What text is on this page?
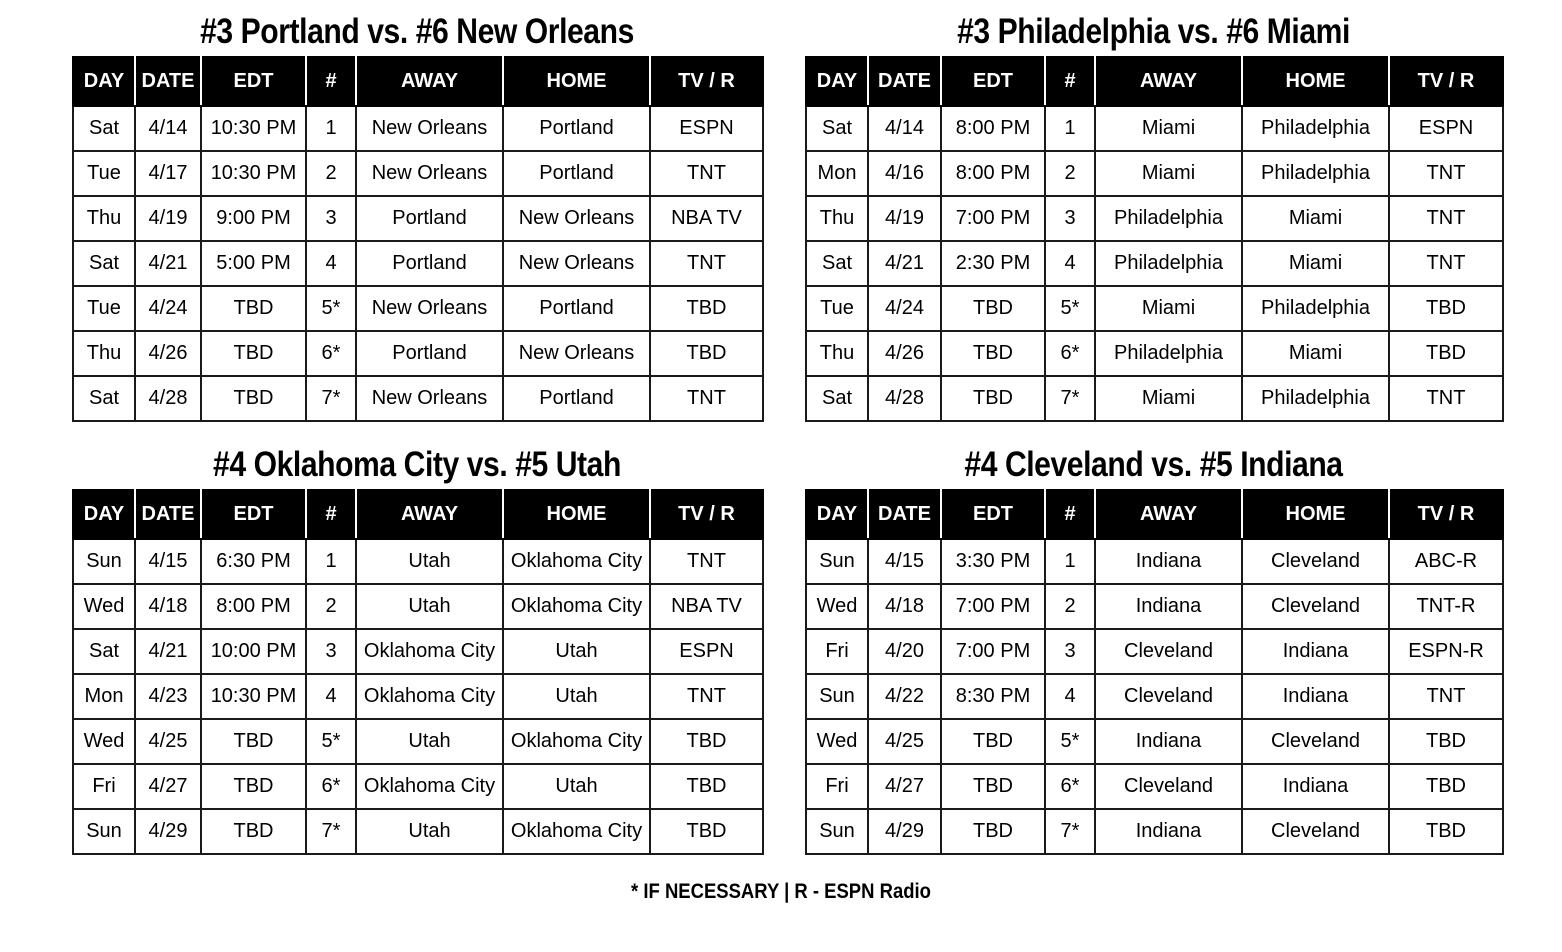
#3 Portland vs. #6 New Orleans
DAY	DATE	EDT	#	AWAY	HOME	TV / R
Sat	4/14	10:30 PM	1	New Orleans	Portland	ESPN
Tue	4/17	10:30 PM	2	New Orleans	Portland	TNT
Thu	4/19	9:00 PM	3	Portland	New Orleans	NBA TV
Sat	4/21	5:00 PM	4	Portland	New Orleans	TNT
Tue	4/24	TBD	5*	New Orleans	Portland	TBD
Thu	4/26	TBD	6*	Portland	New Orleans	TBD
Sat	4/28	TBD	7*	New Orleans	Portland	TNT
#3 Philadelphia vs. #6 Miami
DAY	DATE	EDT	#	AWAY	HOME	TV / R
Sat	4/14	8:00 PM	1	Miami	Philadelphia	ESPN
Mon	4/16	8:00 PM	2	Miami	Philadelphia	TNT
Thu	4/19	7:00 PM	3	Philadelphia	Miami	TNT
Sat	4/21	2:30 PM	4	Philadelphia	Miami	TNT
Tue	4/24	TBD	5*	Miami	Philadelphia	TBD
Thu	4/26	TBD	6*	Philadelphia	Miami	TBD
Sat	4/28	TBD	7*	Miami	Philadelphia	TNT
#4 Oklahoma City vs. #5 Utah
DAY	DATE	EDT	#	AWAY	HOME	TV / R
Sun	4/15	6:30 PM	1	Utah	Oklahoma City	TNT
Wed	4/18	8:00 PM	2	Utah	Oklahoma City	NBA TV
Sat	4/21	10:00 PM	3	Oklahoma City	Utah	ESPN
Mon	4/23	10:30 PM	4	Oklahoma City	Utah	TNT
Wed	4/25	TBD	5*	Utah	Oklahoma City	TBD
Fri	4/27	TBD	6*	Oklahoma City	Utah	TBD
Sun	4/29	TBD	7*	Utah	Oklahoma City	TBD
#4 Cleveland vs. #5 Indiana
DAY	DATE	EDT	#	AWAY	HOME	TV / R
Sun	4/15	3:30 PM	1	Indiana	Cleveland	ABC-R
Wed	4/18	7:00 PM	2	Indiana	Cleveland	TNT-R
Fri	4/20	7:00 PM	3	Cleveland	Indiana	ESPN-R
Sun	4/22	8:30 PM	4	Cleveland	Indiana	TNT
Wed	4/25	TBD	5*	Indiana	Cleveland	TBD
Fri	4/27	TBD	6*	Cleveland	Indiana	TBD
Sun	4/29	TBD	7*	Indiana	Cleveland	TBD
* IF NECESSARY | R - ESPN Radio
